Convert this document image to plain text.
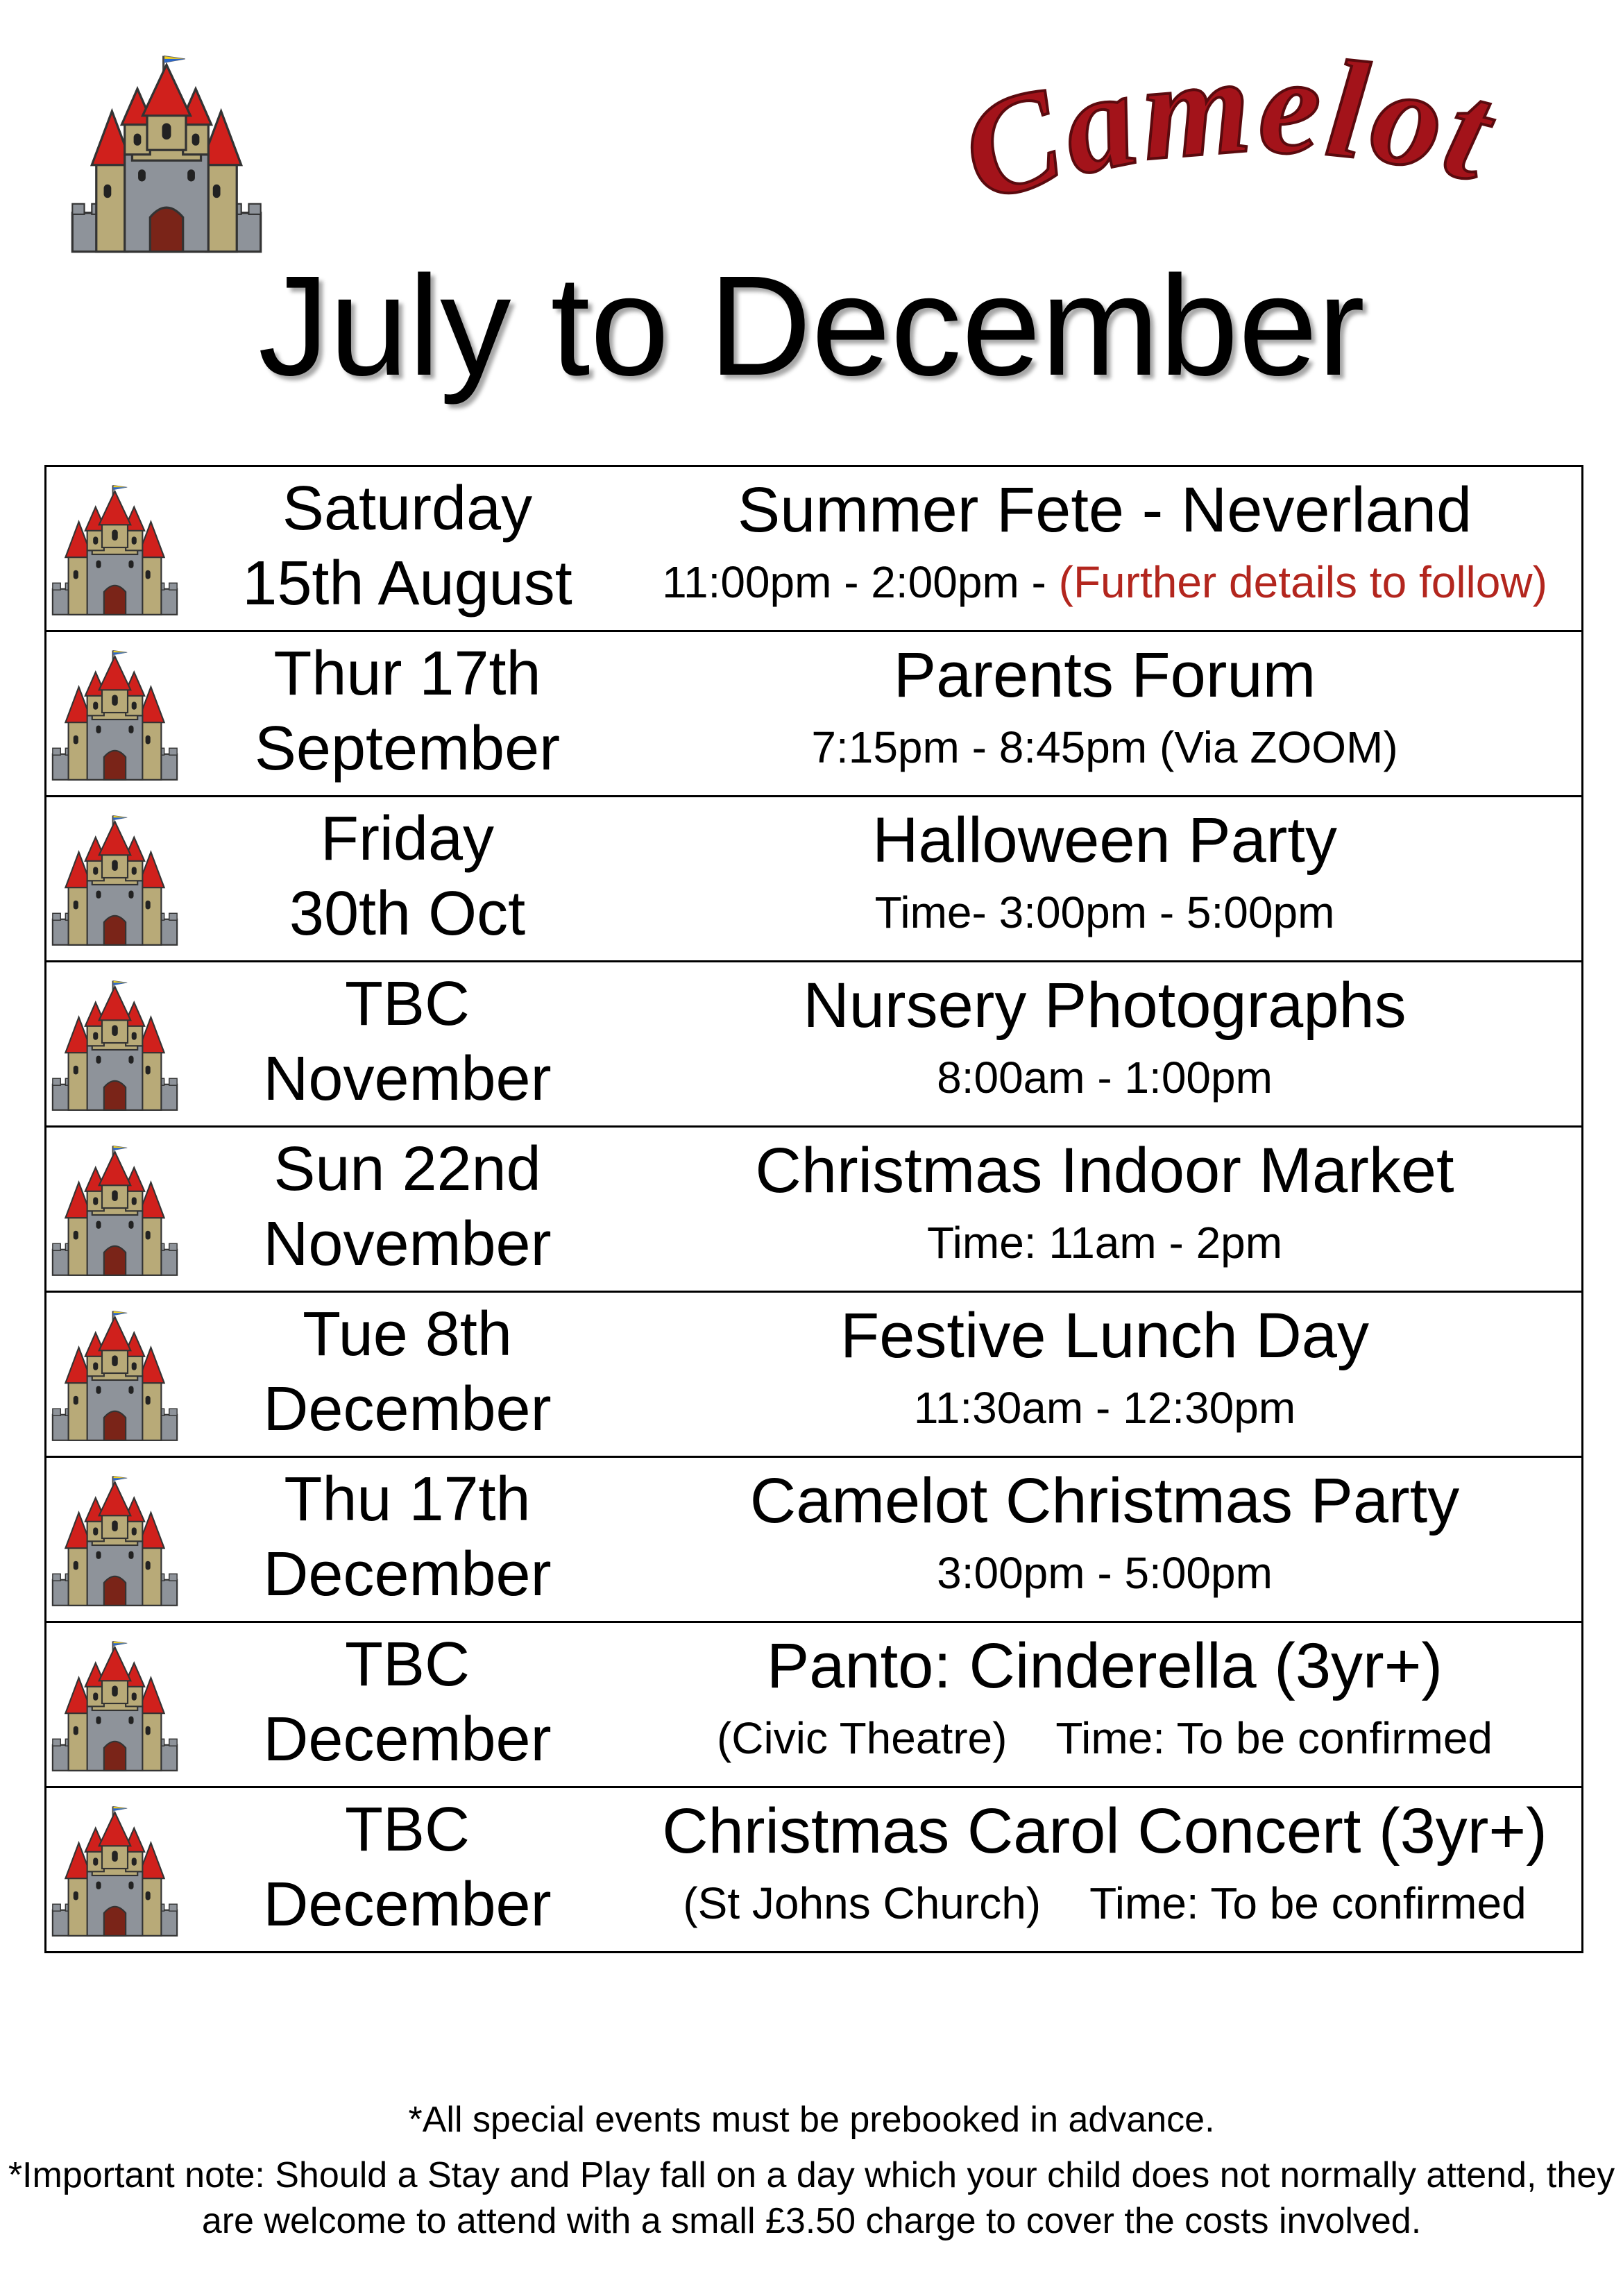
Camelot
July to December
Saturday
15th August
Summer Fete - Neverland
11:00pm - 2:00pm - (Further details to follow)
Thur 17th
September
Parents Forum
7:15pm - 8:45pm (Via ZOOM)
Friday
30th Oct
Halloween Party
Time- 3:00pm - 5:00pm
TBC
November
Nursery Photographs
8:00am - 1:00pm
Sun 22nd
November
Christmas Indoor Market
Time: 11am - 2pm
Tue 8th
December
Festive Lunch Day
11:30am - 12:30pm
Thu 17th
December
Camelot Christmas Party
3:00pm - 5:00pm
TBC
December
Panto: Cinderella (3yr+)
(Civic Theatre)    Time: To be confirmed
TBC
December
Christmas Carol Concert (3yr+)
(St Johns Church)    Time: To be confirmed
*All special events must be prebooked in advance.
*Important note: Should a Stay and Play fall on a day which your child does not normally attend, they are welcome to attend with a small £3.50 charge to cover the costs involved.
